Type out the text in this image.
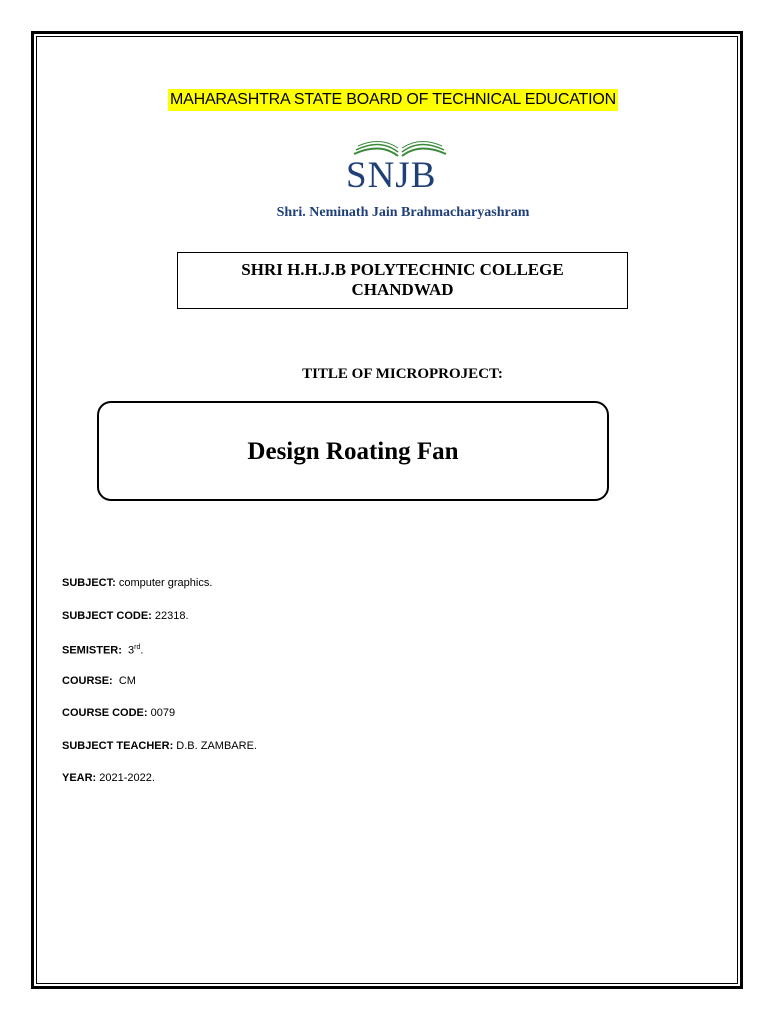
MAHARASHTRA STATE BOARD OF TECHNICAL EDUCATION
SNJB
Shri. Neminath Jain Brahmacharyashram
SHRI H.H.J.B POLYTECHNIC COLLEGE
CHANDWAD
TITLE OF MICROPROJECT:
Design Roating Fan
SUBJECT: computer graphics.
SUBJECT CODE: 22318.
SEMISTER:  3rd.
COURSE:  CM
COURSE CODE: 0079
SUBJECT TEACHER: D.B. ZAMBARE.
YEAR: 2021-2022.
